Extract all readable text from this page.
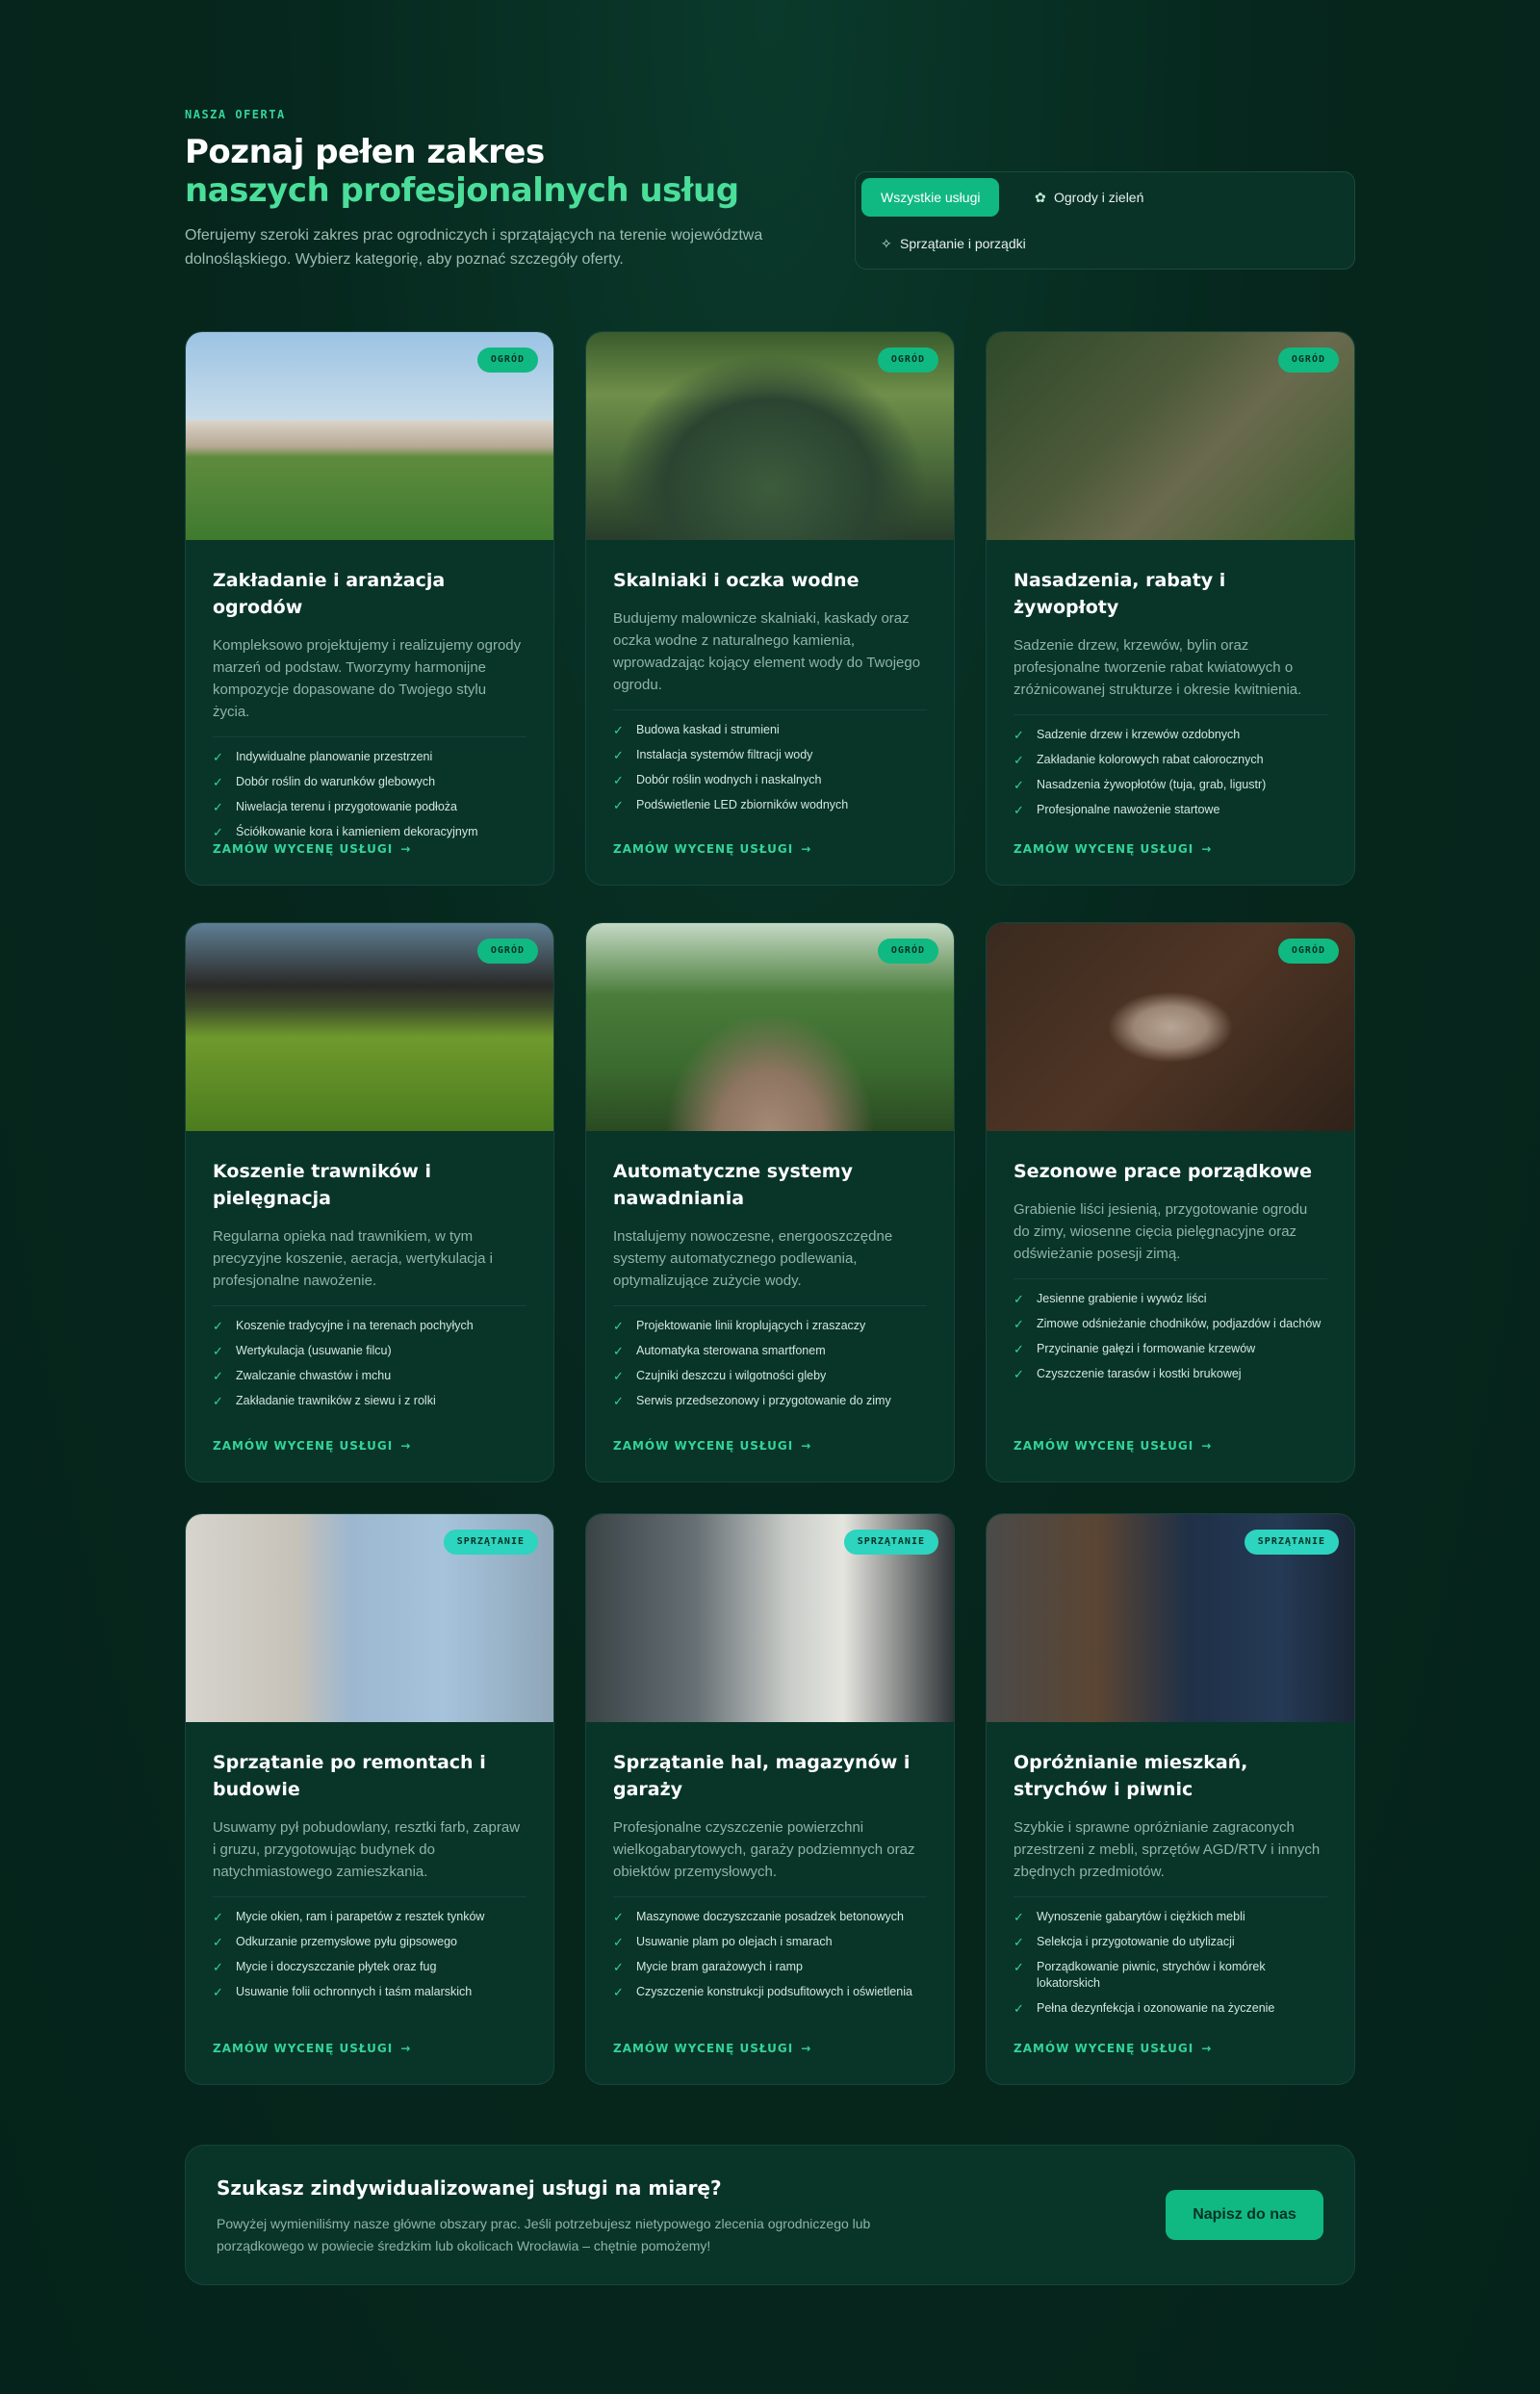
NASZA OFERTA
Poznaj pełen zakres
naszych profesjonalnych usług
Oferujemy szeroki zakres prac ogrodniczych i sprzątających na terenie województwa dolnośląskiego. Wybierz kategorię, aby poznać szczegóły oferty.
Wszystkie usługi	✿ Ogrody i zieleń
✧ Sprzątanie i porządki
OGRÓD
Zakładanie i aranżacja ogrodów
Kompleksowo projektujemy i realizujemy ogrody marzeń od podstaw. Tworzymy harmonijne kompozycje dopasowane do Twojego stylu życia.
✓ Indywidualne planowanie przestrzeni
✓ Dobór roślin do warunków glebowych
✓ Niwelacja terenu i przygotowanie podłoża
✓ Ściółkowanie kora i kamieniem dekoracyjnym
ZAMÓW WYCENĘ USŁUGI →
OGRÓD
Skalniaki i oczka wodne
Budujemy malownicze skalniaki, kaskady oraz oczka wodne z naturalnego kamienia, wprowadzając kojący element wody do Twojego ogrodu.
✓ Budowa kaskad i strumieni
✓ Instalacja systemów filtracji wody
✓ Dobór roślin wodnych i naskalnych
✓ Podświetlenie LED zbiorników wodnych
ZAMÓW WYCENĘ USŁUGI →
OGRÓD
Nasadzenia, rabaty i żywopłoty
Sadzenie drzew, krzewów, bylin oraz profesjonalne tworzenie rabat kwiatowych o zróżnicowanej strukturze i okresie kwitnienia.
✓ Sadzenie drzew i krzewów ozdobnych
✓ Zakładanie kolorowych rabat całorocznych
✓ Nasadzenia żywopłotów (tuja, grab, ligustr)
✓ Profesjonalne nawożenie startowe
ZAMÓW WYCENĘ USŁUGI →
OGRÓD
Koszenie trawników i pielęgnacja
Regularna opieka nad trawnikiem, w tym precyzyjne koszenie, aeracja, wertykulacja i profesjonalne nawożenie.
✓ Koszenie tradycyjne i na terenach pochyłych
✓ Wertykulacja (usuwanie filcu)
✓ Zwalczanie chwastów i mchu
✓ Zakładanie trawników z siewu i z rolki
ZAMÓW WYCENĘ USŁUGI →
OGRÓD
Automatyczne systemy nawadniania
Instalujemy nowoczesne, energooszczędne systemy automatycznego podlewania, optymalizujące zużycie wody.
✓ Projektowanie linii kroplujących i zraszaczy
✓ Automatyka sterowana smartfonem
✓ Czujniki deszczu i wilgotności gleby
✓ Serwis przedsezonowy i przygotowanie do zimy
ZAMÓW WYCENĘ USŁUGI →
OGRÓD
Sezonowe prace porządkowe
Grabienie liści jesienią, przygotowanie ogrodu do zimy, wiosenne cięcia pielęgnacyjne oraz odświeżanie posesji zimą.
✓ Jesienne grabienie i wywóz liści
✓ Zimowe odśnieżanie chodników, podjazdów i dachów
✓ Przycinanie gałęzi i formowanie krzewów
✓ Czyszczenie tarasów i kostki brukowej
ZAMÓW WYCENĘ USŁUGI →
SPRZĄTANIE
Sprzątanie po remontach i budowie
Usuwamy pył pobudowlany, resztki farb, zapraw i gruzu, przygotowując budynek do natychmiastowego zamieszkania.
✓ Mycie okien, ram i parapetów z resztek tynków
✓ Odkurzanie przemysłowe pyłu gipsowego
✓ Mycie i doczyszczanie płytek oraz fug
✓ Usuwanie folii ochronnych i taśm malarskich
ZAMÓW WYCENĘ USŁUGI →
SPRZĄTANIE
Sprzątanie hal, magazynów i garaży
Profesjonalne czyszczenie powierzchni wielkogabarytowych, garaży podziemnych oraz obiektów przemysłowych.
✓ Maszynowe doczyszczanie posadzek betonowych
✓ Usuwanie plam po olejach i smarach
✓ Mycie bram garażowych i ramp
✓ Czyszczenie konstrukcji podsufitowych i oświetlenia
ZAMÓW WYCENĘ USŁUGI →
SPRZĄTANIE
Opróżnianie mieszkań, strychów i piwnic
Szybkie i sprawne opróżnianie zagraconych przestrzeni z mebli, sprzętów AGD/RTV i innych zbędnych przedmiotów.
✓ Wynoszenie gabarytów i ciężkich mebli
✓ Selekcja i przygotowanie do utylizacji
✓ Porządkowanie piwnic, strychów i komórek lokatorskich
✓ Pełna dezynfekcja i ozonowanie na życzenie
ZAMÓW WYCENĘ USŁUGI →
Szukasz zindywidualizowanej usługi na miarę?
Powyżej wymieniliśmy nasze główne obszary prac. Jeśli potrzebujesz nietypowego zlecenia ogrodniczego lub porządkowego w powiecie średzkim lub okolicach Wrocławia – chętnie pomożemy!
Napisz do nas
